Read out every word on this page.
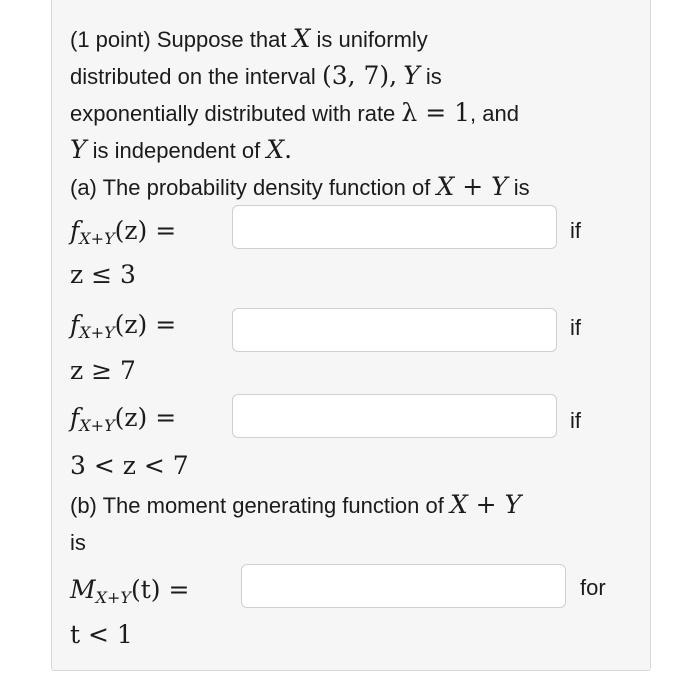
(1 point) Suppose that X is uniformly
distributed on the interval (3, 7), Y is
exponentially distributed with rate λ = 1, and
Y is independent of X.
(a) The probability density function of X + Y is
$f_{X+Y}(z)$ =	if
z ≤ 3
$f_{X+Y}(z)$ =	if
z ≥ 7
$f_{X+Y}(z)$ =	if
3 < z < 7
(b) The moment generating function of X + Y
is
$M_{X+Y}(t)$ =	for
t < 1
